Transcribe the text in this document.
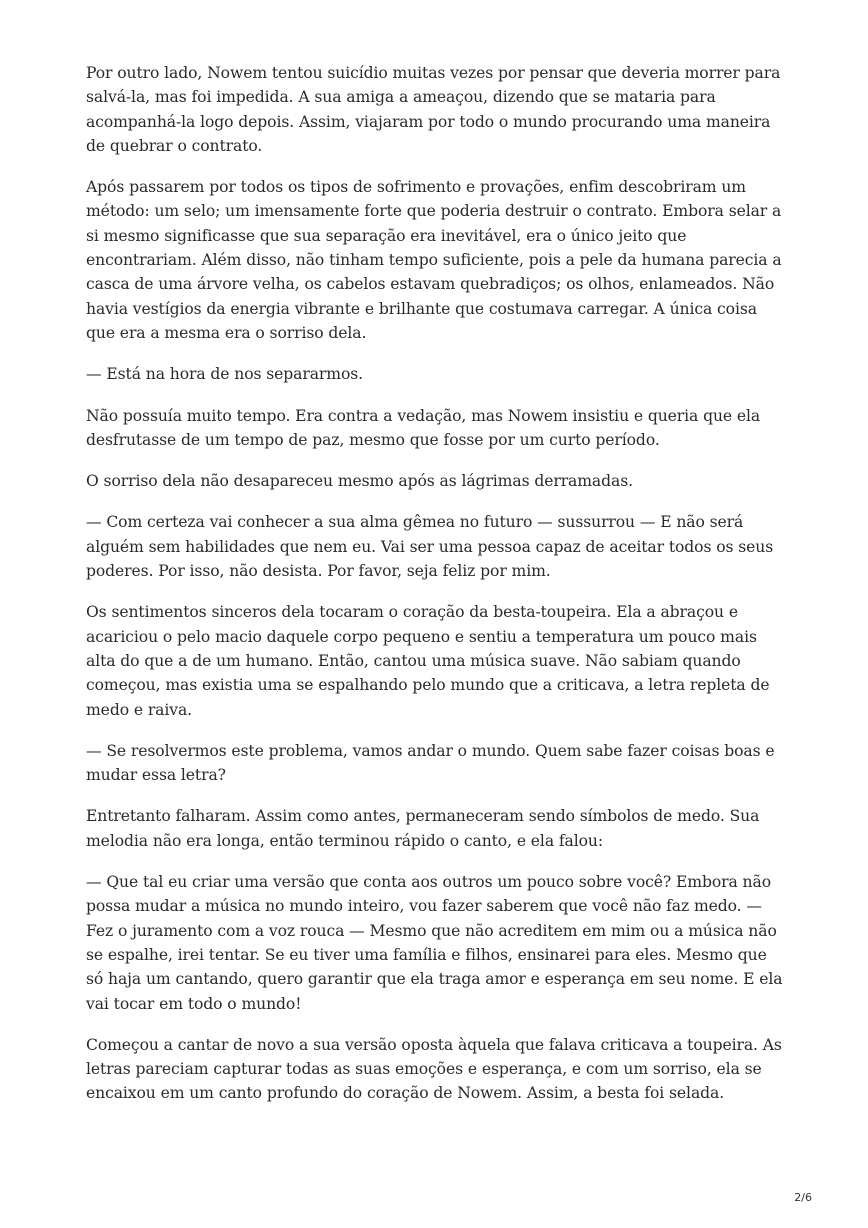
Por outro lado, Nowem tentou suicídio muitas vezes por pensar que deveria morrer para salvá-la, mas foi impedida. A sua amiga a ameaçou, dizendo que se mataria para acompanhá-la logo depois. Assim, viajaram por todo o mundo procurando uma maneira de quebrar o contrato.

Após passarem por todos os tipos de sofrimento e provações, enfim descobriram um método: um selo; um imensamente forte que poderia destruir o contrato. Embora selar a si mesmo significasse que sua separação era inevitável, era o único jeito que encontrariam. Além disso, não tinham tempo suficiente, pois a pele da humana parecia a casca de uma árvore velha, os cabelos estavam quebradiços; os olhos, enlameados. Não havia vestígios da energia vibrante e brilhante que costumava carregar. A única coisa que era a mesma era o sorriso dela.

— Está na hora de nos separarmos.

Não possuía muito tempo. Era contra a vedação, mas Nowem insistiu e queria que ela desfrutasse de um tempo de paz, mesmo que fosse por um curto período.

O sorriso dela não desapareceu mesmo após as lágrimas derramadas.

— Com certeza vai conhecer a sua alma gêmea no futuro — sussurrou — E não será alguém sem habilidades que nem eu. Vai ser uma pessoa capaz de aceitar todos os seus poderes. Por isso, não desista. Por favor, seja feliz por mim.

Os sentimentos sinceros dela tocaram o coração da besta-toupeira. Ela a abraçou e acariciou o pelo macio daquele corpo pequeno e sentiu a temperatura um pouco mais alta do que a de um humano. Então, cantou uma música suave. Não sabiam quando começou, mas existia uma se espalhando pelo mundo que a criticava, a letra repleta de medo e raiva.

— Se resolvermos este problema, vamos andar o mundo. Quem sabe fazer coisas boas e mudar essa letra?

Entretanto falharam. Assim como antes, permaneceram sendo símbolos de medo. Sua melodia não era longa, então terminou rápido o canto, e ela falou:

— Que tal eu criar uma versão que conta aos outros um pouco sobre você? Embora não possa mudar a música no mundo inteiro, vou fazer saberem que você não faz medo. — Fez o juramento com a voz rouca — Mesmo que não acreditem em mim ou a música não se espalhe, irei tentar. Se eu tiver uma família e filhos, ensinarei para eles. Mesmo que só haja um cantando, quero garantir que ela traga amor e esperança em seu nome. E ela vai tocar em todo o mundo!

Começou a cantar de novo a sua versão oposta àquela que falava criticava a toupeira. As letras pareciam capturar todas as suas emoções e esperança, e com um sorriso, ela se encaixou em um canto profundo do coração de Nowem. Assim, a besta foi selada.

2/6
